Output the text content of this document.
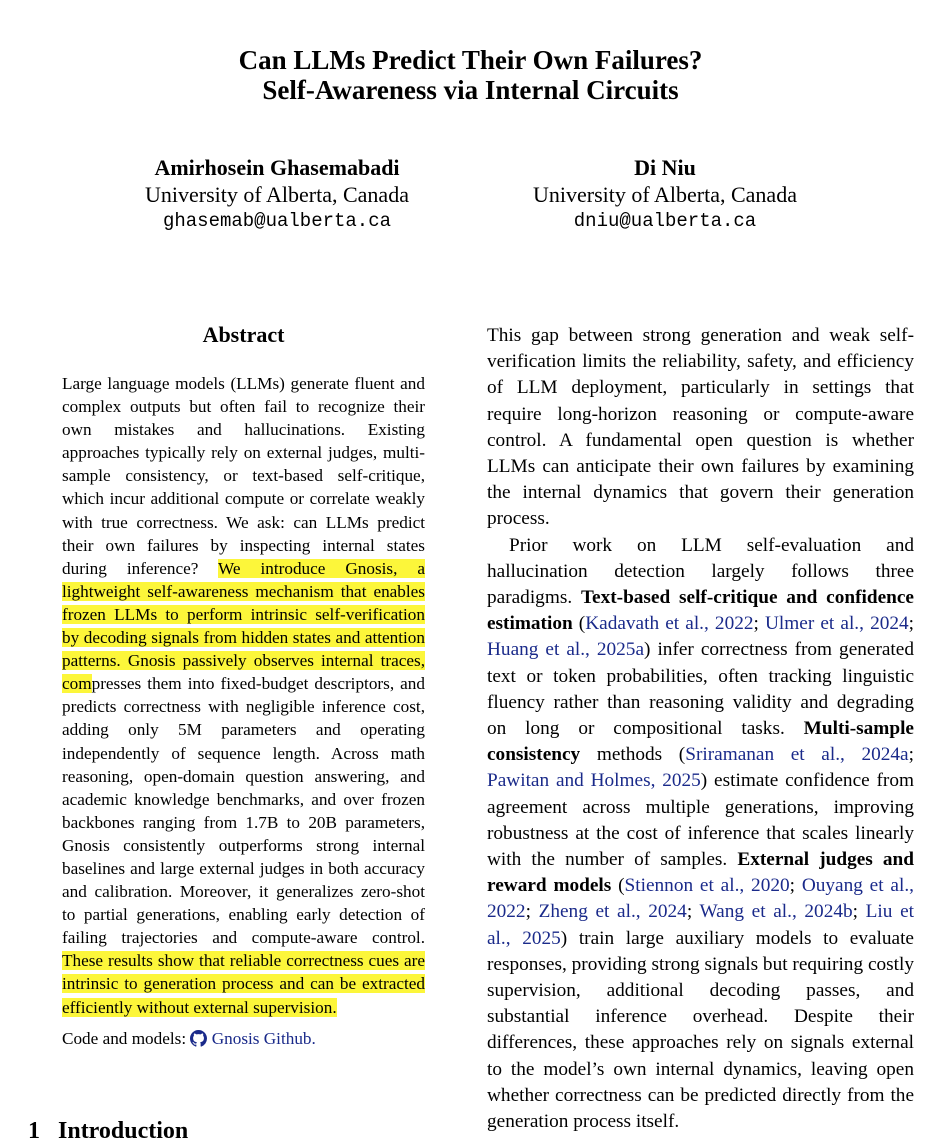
Can LLMs Predict Their Own Failures?
Self-Awareness via Internal Circuits
Amirhosein Ghasemabadi
University of Alberta, Canada
ghasemab@ualberta.ca
Di Niu
University of Alberta, Canada
dniu@ualberta.ca
Abstract
Large language models (LLMs) generate fluent and complex outputs but often fail to recognize their own mistakes and hallucinations. Existing approaches typically rely on external judges, multi-sample consistency, or text-based self-critique, which incur additional compute or correlate weakly with true correctness. We ask: can LLMs predict their own failures by inspecting internal states during inference? We introduce Gnosis, a lightweight self-awareness mechanism that enables frozen LLMs to perform intrinsic self-verification by decoding signals from hidden states and attention patterns. Gnosis passively observes internal traces, compresses them into fixed-budget descriptors, and predicts correctness with negligible inference cost, adding only 5M parameters and operating independently of sequence length. Across math reasoning, open-domain question answering, and academic knowledge benchmarks, and over frozen backbones ranging from 1.7B to 20B parameters, Gnosis consistently outperforms strong internal baselines and large external judges in both accuracy and calibration. Moreover, it generalizes zero-shot to partial generations, enabling early detection of failing trajectories and compute-aware control. These results show that reliable correctness cues are intrinsic to generation process and can be extracted efficiently without external supervision.
Code and models: Gnosis Github.
1 Introduction

This gap between strong generation and weak self-verification limits the reliability, safety, and efficiency of LLM deployment, particularly in settings that require long-horizon reasoning or compute-aware control. A fundamental open question is whether LLMs can anticipate their own failures by examining the internal dynamics that govern their generation process.

Prior work on LLM self-evaluation and hallucination detection largely follows three paradigms. Text-based self-critique and confidence estimation (Kadavath et al., 2022; Ulmer et al., 2024; Huang et al., 2025a) infer correctness from generated text or token probabilities, often tracking linguistic fluency rather than reasoning validity and degrading on long or compositional tasks. Multi-sample consistency methods (Sriramanan et al., 2024a; Pawitan and Holmes, 2025) estimate confidence from agreement across multiple generations, improving robustness at the cost of inference that scales linearly with the number of samples. External judges and reward models (Stiennon et al., 2020; Ouyang et al., 2022; Zheng et al., 2024; Wang et al., 2024b; Liu et al., 2025) train large auxiliary models to evaluate responses, providing strong signals but requiring costly supervision, additional decoding passes, and substantial inference overhead. Despite their differences, these approaches rely on signals external to the model’s own internal dynamics, leaving open whether correctness can be predicted directly from the generation process itself.
